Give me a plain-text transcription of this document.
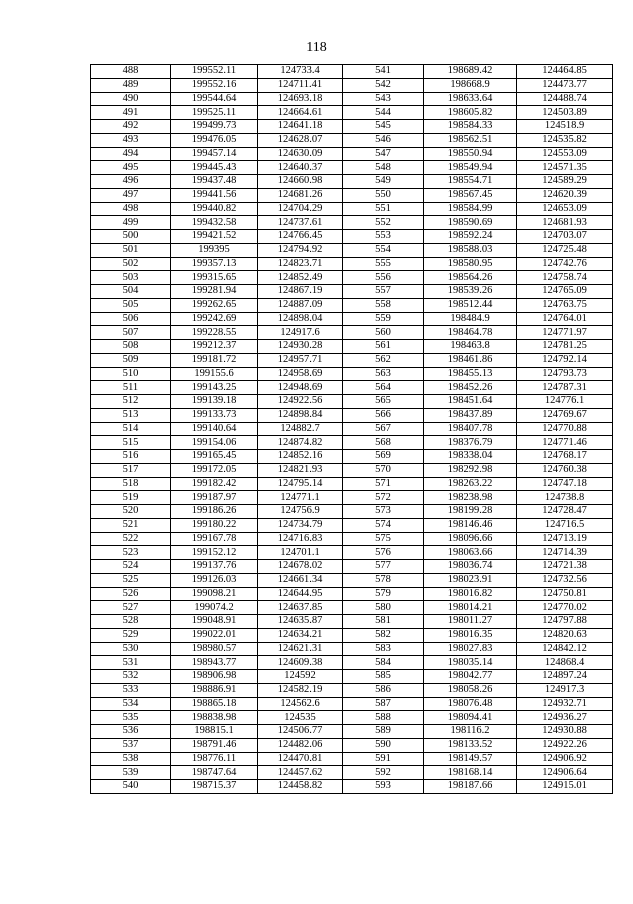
118
488	199552.11	124733.4	541	198689.42	124464.85
489	199552.16	124711.41	542	198668.9	124473.77
490	199544.64	124693.18	543	198633.64	124488.74
491	199525.11	124664.61	544	198605.82	124503.89
492	199499.73	124641.18	545	198584.33	124518.9
493	199476.05	124628.07	546	198562.51	124535.82
494	199457.14	124630.09	547	198550.94	124553.09
495	199445.43	124640.37	548	198549.94	124571.35
496	199437.48	124660.98	549	198554.71	124589.29
497	199441.56	124681.26	550	198567.45	124620.39
498	199440.82	124704.29	551	198584.99	124653.09
499	199432.58	124737.61	552	198590.69	124681.93
500	199421.52	124766.45	553	198592.24	124703.07
501	199395	124794.92	554	198588.03	124725.48
502	199357.13	124823.71	555	198580.95	124742.76
503	199315.65	124852.49	556	198564.26	124758.74
504	199281.94	124867.19	557	198539.26	124765.09
505	199262.65	124887.09	558	198512.44	124763.75
506	199242.69	124898.04	559	198484.9	124764.01
507	199228.55	124917.6	560	198464.78	124771.97
508	199212.37	124930.28	561	198463.8	124781.25
509	199181.72	124957.71	562	198461.86	124792.14
510	199155.6	124958.69	563	198455.13	124793.73
511	199143.25	124948.69	564	198452.26	124787.31
512	199139.18	124922.56	565	198451.64	124776.1
513	199133.73	124898.84	566	198437.89	124769.67
514	199140.64	124882.7	567	198407.78	124770.88
515	199154.06	124874.82	568	198376.79	124771.46
516	199165.45	124852.16	569	198338.04	124768.17
517	199172.05	124821.93	570	198292.98	124760.38
518	199182.42	124795.14	571	198263.22	124747.18
519	199187.97	124771.1	572	198238.98	124738.8
520	199186.26	124756.9	573	198199.28	124728.47
521	199180.22	124734.79	574	198146.46	124716.5
522	199167.78	124716.83	575	198096.66	124713.19
523	199152.12	124701.1	576	198063.66	124714.39
524	199137.76	124678.02	577	198036.74	124721.38
525	199126.03	124661.34	578	198023.91	124732.56
526	199098.21	124644.95	579	198016.82	124750.81
527	199074.2	124637.85	580	198014.21	124770.02
528	199048.91	124635.87	581	198011.27	124797.88
529	199022.01	124634.21	582	198016.35	124820.63
530	198980.57	124621.31	583	198027.83	124842.12
531	198943.77	124609.38	584	198035.14	124868.4
532	198906.98	124592	585	198042.77	124897.24
533	198886.91	124582.19	586	198058.26	124917.3
534	198865.18	124562.6	587	198076.48	124932.71
535	198838.98	124535	588	198094.41	124936.27
536	198815.1	124506.77	589	198116.2	124930.88
537	198791.46	124482.06	590	198133.52	124922.26
538	198776.11	124470.81	591	198149.57	124906.92
539	198747.64	124457.62	592	198168.14	124906.64
540	198715.37	124458.82	593	198187.66	124915.01
